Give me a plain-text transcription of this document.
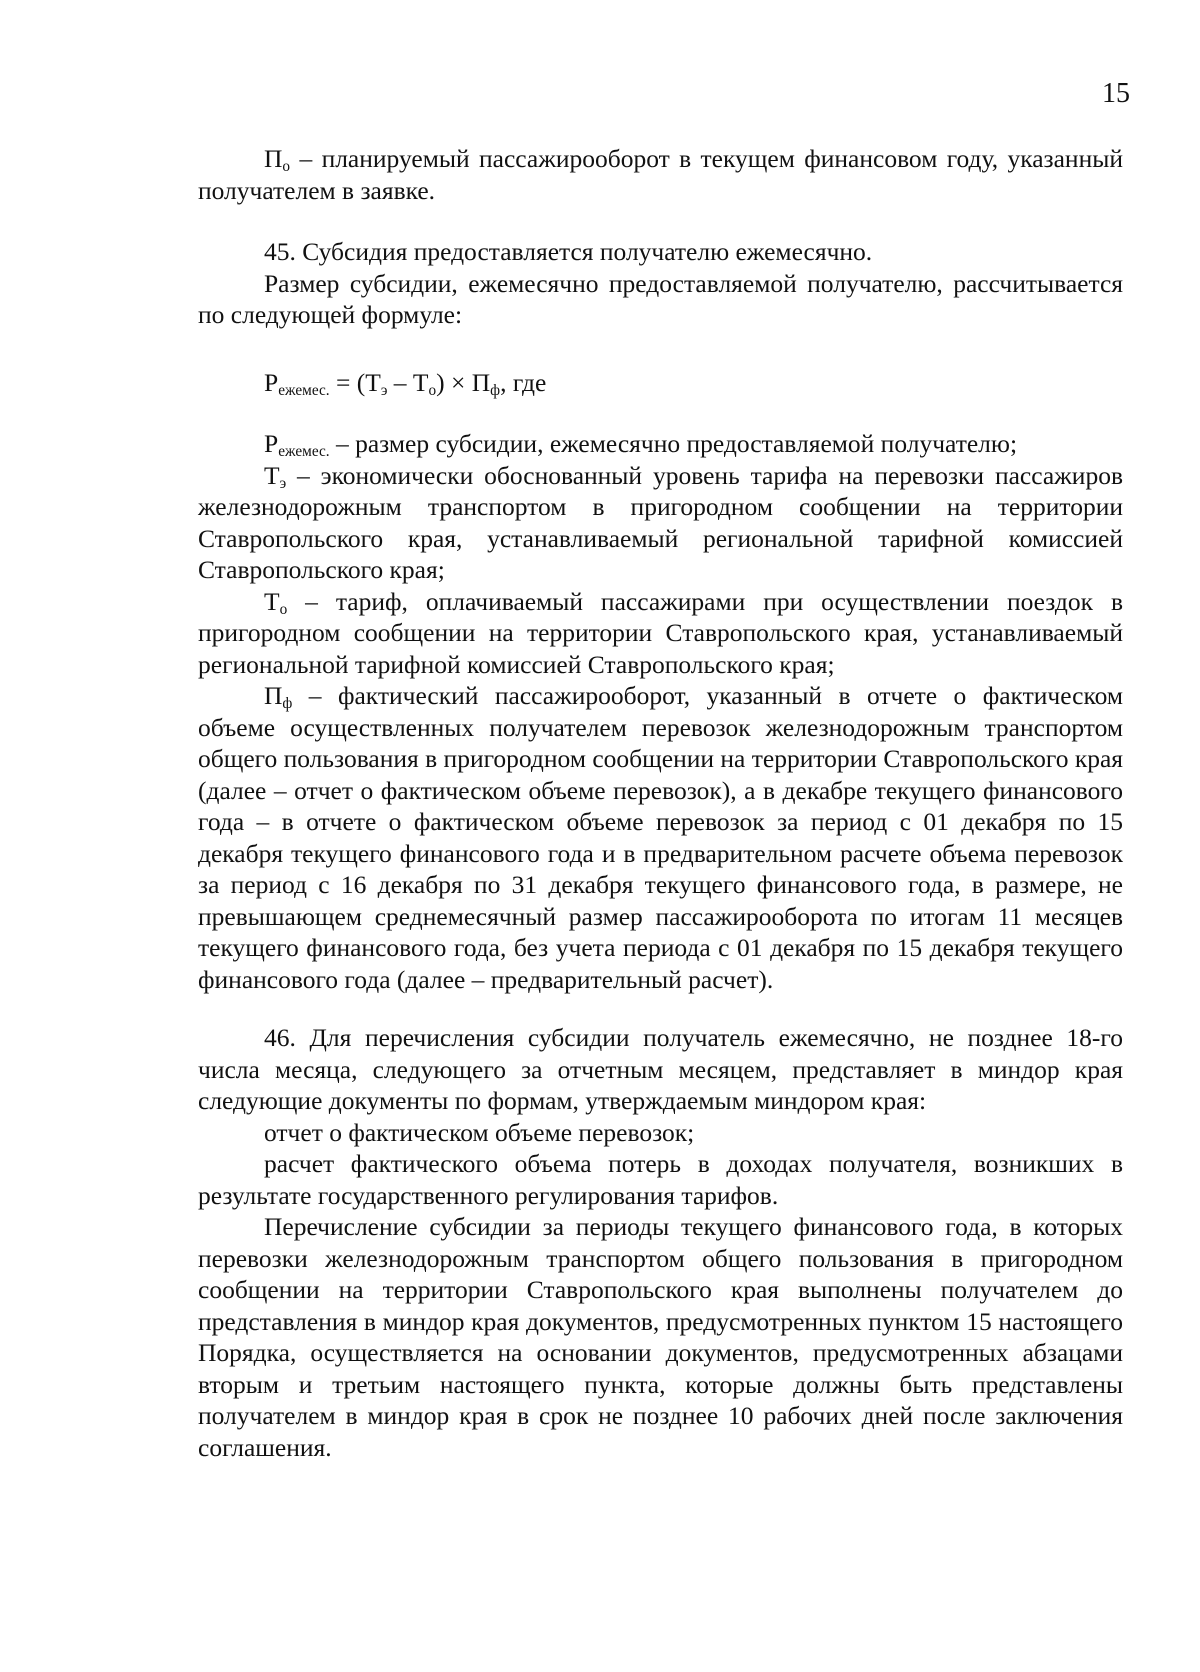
15

$П_о$ – планируемый пассажирооборот в текущем финансовом году, указанный получателем в заявке.

45. Субсидия предоставляется получателю ежемесячно.

Размер субсидии, ежемесячно предоставляемой получателю, рассчитывается по следующей формуле:

$Р_{ежемес.} = (Т_э - Т_о) \times П_ф$, где

$Р_{ежемес.}$ – размер субсидии, ежемесячно предоставляемой получателю;

$Т_э$ – экономически обоснованный уровень тарифа на перевозки пассажиров железнодорожным транспортом в пригородном сообщении на территории Ставропольского края, устанавливаемый региональной тарифной комиссией Ставропольского края;

$Т_о$ – тариф, оплачиваемый пассажирами при осуществлении поездок в пригородном сообщении на территории Ставропольского края, устанавливаемый региональной тарифной комиссией Ставропольского края;

$П_ф$ – фактический пассажирооборот, указанный в отчете о фактическом объеме осуществленных получателем перевозок железнодорожным транспортом общего пользования в пригородном сообщении на территории Ставропольского края (далее – отчет о фактическом объеме перевозок), а в декабре текущего финансового года – в отчете о фактическом объеме перевозок за период с 01 декабря по 15 декабря текущего финансового года и в предварительном расчете объема перевозок за период с 16 декабря по 31 декабря текущего финансового года, в размере, не превышающем среднемесячный размер пассажирооборота по итогам 11 месяцев текущего финансового года, без учета периода с 01 декабря по 15 декабря текущего финансового года (далее – предварительный расчет).

46. Для перечисления субсидии получатель ежемесячно, не позднее 18-го числа месяца, следующего за отчетным месяцем, представляет в миндор края следующие документы по формам, утверждаемым миндором края:

отчет о фактическом объеме перевозок;

расчет фактического объема потерь в доходах получателя, возникших в результате государственного регулирования тарифов.

Перечисление субсидии за периоды текущего финансового года, в которых перевозки железнодорожным транспортом общего пользования в пригородном сообщении на территории Ставропольского края выполнены получателем до представления в миндор края документов, предусмотренных пунктом 15 настоящего Порядка, осуществляется на основании документов, предусмотренных абзацами вторым и третьим настоящего пункта, которые должны быть представлены получателем в миндор края в срок не позднее 10 рабочих дней после заключения соглашения.
